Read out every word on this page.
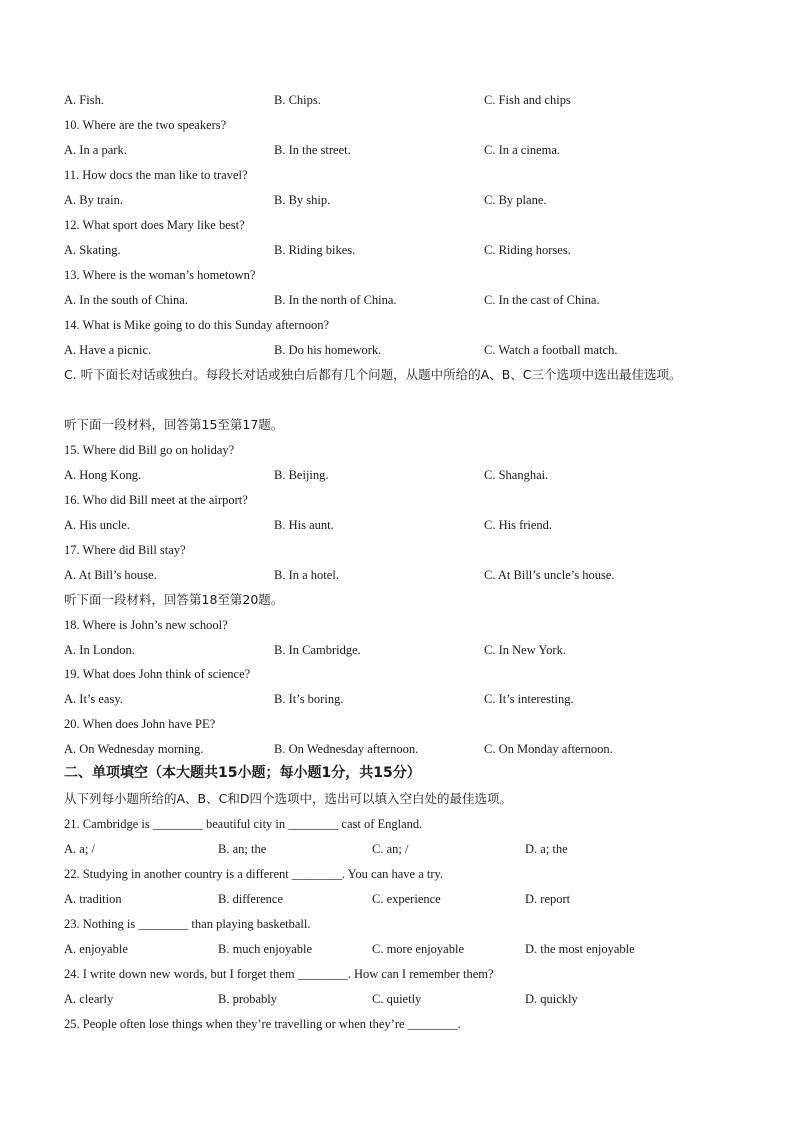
A. Fish.	B. Chips.	C. Fish and chips
10. Where are the two speakers?
A. In a park.	B. In the street.	C. In a cinema.
11. How docs the man like to travel?
A. By train.	B. By ship.	C. By plane.
12. What sport does Mary like best?
A. Skating.	B. Riding bikes.	C. Riding horses.
13. Where is the woman’s hometown?
A. In the south of China.	B. In the north of China.	C. In the cast of China.
14. What is Mike going to do this Sunday afternoon?
A. Have a picnic.	B. Do his homework.	C. Watch a football match.
C. 听下面长对话或独白。每段长对话或独白后都有几个问题，从题中所给的A、B、C三个选项中选出最佳选项。
听下面一段材料，回答第15至第17题。
15. Where did Bill go on holiday?
A. Hong Kong.	B. Beijing.	C. Shanghai.
16. Who did Bill meet at the airport?
A. His uncle.	B. His aunt.	C. His friend.
17. Where did Bill stay?
A. At Bill’s house.	B. In a hotel.	C. At Bill’s uncle’s house.
听下面一段材料，回答第18至第20题。
18. Where is John’s new school?
A. In London.	B. In Cambridge.	C. In New York.
19. What does John think of science?
A. It’s easy.	B. It’s boring.	C. It’s interesting.
20. When does John have PE?
A. On Wednesday morning.	B. On Wednesday afternoon.	C. On Monday afternoon.
二、单项填空（本大题共15小题；每小题1分，共15分）
从下列每小题所给的A、B、C和D四个选项中，选出可以填入空白处的最佳选项。
21. Cambridge is ________ beautiful city in ________ cast of England.
A. a; /	B. an; the	C. an; /	D. a; the
22. Studying in another country is a different ________. You can have a try.
A. tradition	B. difference	C. experience	D. report
23. Nothing is ________ than playing basketball.
A. enjoyable	B. much enjoyable	C. more enjoyable	D. the most enjoyable
24. I write down new words, but I forget them ________. How can I remember them?
A. clearly	B. probably	C. quietly	D. quickly
25. People often lose things when they’re travelling or when they’re ________.
